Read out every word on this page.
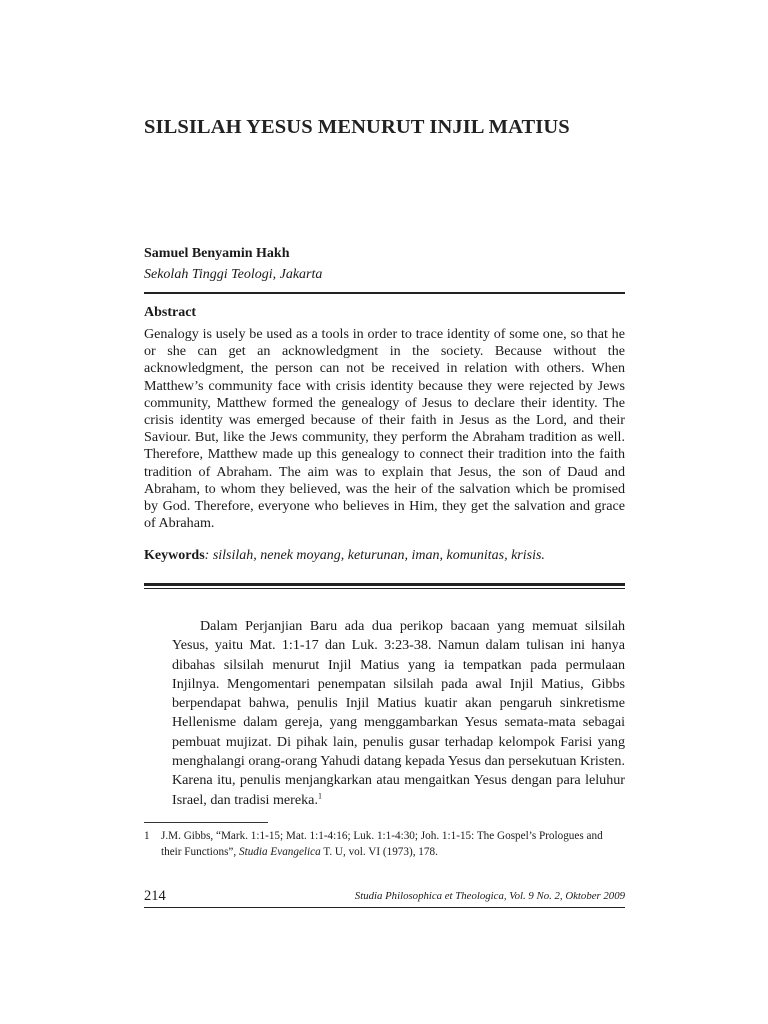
SILSILAH YESUS MENURUT INJIL MATIUS

Samuel Benyamin Hakh

Sekolah Tinggi Teologi, Jakarta

Abstract

Genalogy is usely be used as a tools in order to trace identity of some one, so that he or she can get an acknowledgment in the society. Because without the acknowledgment, the person can not be received in relation with others. When Matthew’s community face with crisis identity because they were rejected by Jews community, Matthew formed the genealogy of Jesus to declare their identity. The crisis identity was emerged because of their faith in Jesus as the Lord, and their Saviour. But, like the Jews community, they perform the Abraham tradition as well. Therefore, Matthew made up this genealogy to connect their tradition into the faith tradition of Abraham. The aim was to explain that Jesus, the son of Daud and Abraham, to whom they believed, was the heir of the salvation which be promised by God. Therefore, everyone who believes in Him, they get the salvation and grace of Abraham.

Keywords: silsilah, nenek moyang, keturunan, iman, komunitas, krisis.

Dalam Perjanjian Baru ada dua perikop bacaan yang memuat silsilah Yesus, yaitu Mat. 1:1-17 dan Luk. 3:23-38. Namun dalam tulisan ini hanya dibahas silsilah menurut Injil Matius yang ia tempatkan pada permulaan Injilnya. Mengomentari penempatan silsilah pada awal Injil Matius, Gibbs berpendapat bahwa, penulis Injil Matius kuatir akan pengaruh sinkretisme Hellenisme dalam gereja, yang menggambarkan Yesus semata-mata sebagai pembuat mujizat. Di pihak lain, penulis gusar terhadap kelompok Farisi yang menghalangi orang-orang Yahudi datang kepada Yesus dan persekutuan Kristen. Karena itu, penulis menjangkarkan atau mengaitkan Yesus dengan para leluhur Israel, dan tradisi mereka.$^1$

1 J.M. Gibbs, “Mark. 1:1-15; Mat. 1:1-4:16; Luk. 1:1-4:30; Joh. 1:1-15: The Gospel’s Prologues and their Functions”, Studia Evangelica T. U, vol. VI (1973), 178.

214	Studia Philosophica et Theologica, Vol. 9 No. 2, Oktober 2009
